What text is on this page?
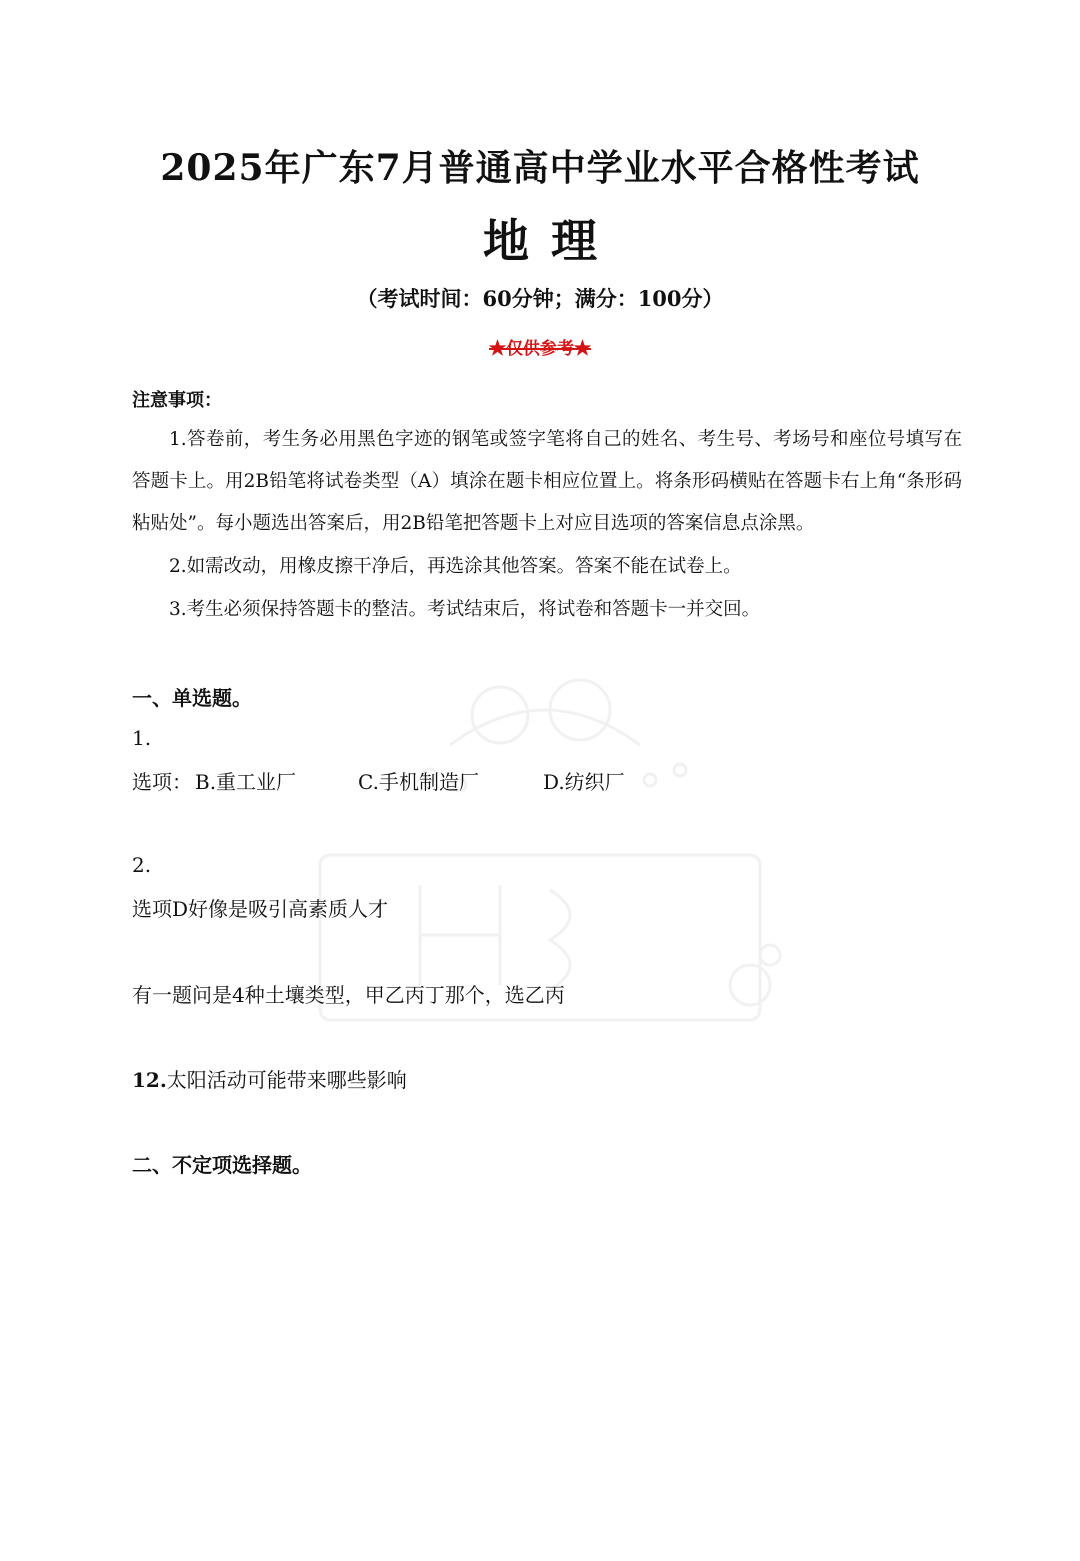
2025年广东7月普通高中学业水平合格性考试
地理
（考试时间：60分钟；满分：100分）
★仅供参考★
注意事项：
1.答卷前，考生务必用黑色字迹的钢笔或签字笔将自己的姓名、考生号、考场号和座位号填写在答题卡上。用2B铅笔将试卷类型（A）填涂在题卡相应位置上。将条形码横贴在答题卡右上角“条形码粘贴处”。每小题选出答案后，用2B铅笔把答题卡上对应目选项的答案信息点涂黑。
2.如需改动，用橡皮擦干净后，再选涂其他答案。答案不能在试卷上。
3.考生必须保持答题卡的整洁。考试结束后，将试卷和答题卡一并交回。
一、单选题。
1.
选项： B.重工业厂	C.手机制造厂	D.纺织厂
2.
选项D好像是吸引高素质人才
有一题问是4种土壤类型，甲乙丙丁那个，选乙丙
12.太阳活动可能带来哪些影响
二、不定项选择题。
